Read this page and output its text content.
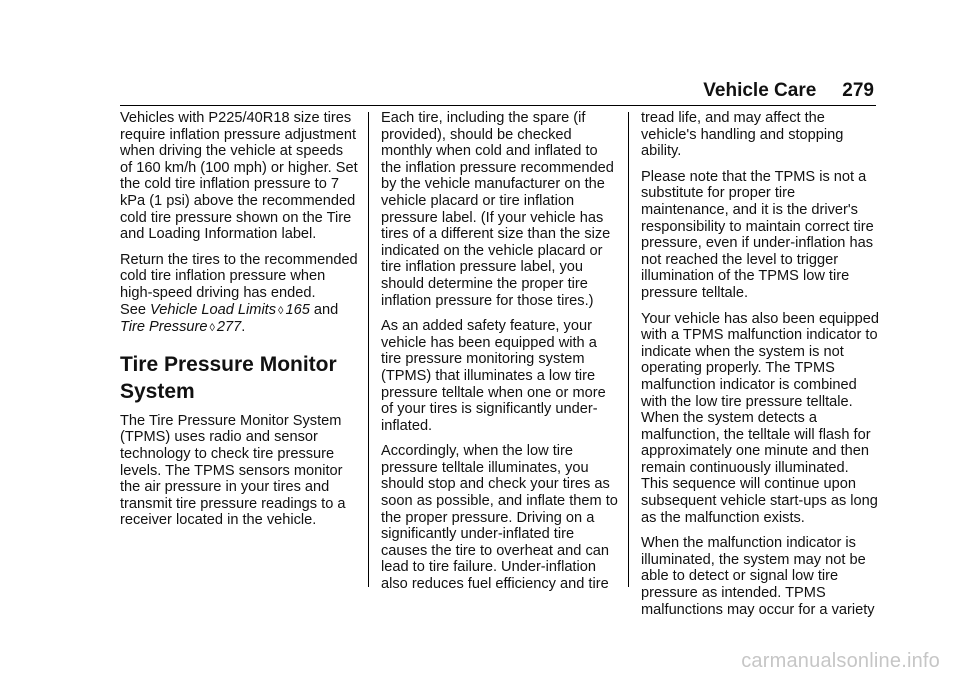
Vehicle Care 279

Vehicles with P225/40R18 size tires require inflation pressure adjustment when driving the vehicle at speeds of 160 km/h (100 mph) or higher. Set the cold tire inflation pressure to 7 kPa (1 psi) above the recommended cold tire pressure shown on the Tire and Loading Information label.

Return the tires to the recommended cold tire inflation pressure when high-speed driving has ended.
See Vehicle Load Limits ◊ 165 and
Tire Pressure ◊ 277.

Tire Pressure Monitor System

The Tire Pressure Monitor System (TPMS) uses radio and sensor technology to check tire pressure levels. The TPMS sensors monitor the air pressure in your tires and transmit tire pressure readings to a receiver located in the vehicle.

Each tire, including the spare (if provided), should be checked monthly when cold and inflated to the inflation pressure recommended by the vehicle manufacturer on the vehicle placard or tire inflation pressure label. (If your vehicle has tires of a different size than the size indicated on the vehicle placard or tire inflation pressure label, you should determine the proper tire inflation pressure for those tires.)

As an added safety feature, your vehicle has been equipped with a tire pressure monitoring system (TPMS) that illuminates a low tire pressure telltale when one or more of your tires is significantly under-inflated.

Accordingly, when the low tire pressure telltale illuminates, you should stop and check your tires as soon as possible, and inflate them to the proper pressure. Driving on a significantly under-inflated tire causes the tire to overheat and can lead to tire failure. Under-inflation also reduces fuel efficiency and tire

tread life, and may affect the vehicle's handling and stopping ability.

Please note that the TPMS is not a substitute for proper tire maintenance, and it is the driver's responsibility to maintain correct tire pressure, even if under-inflation has not reached the level to trigger illumination of the TPMS low tire pressure telltale.

Your vehicle has also been equipped with a TPMS malfunction indicator to indicate when the system is not operating properly. The TPMS malfunction indicator is combined with the low tire pressure telltale. When the system detects a malfunction, the telltale will flash for approximately one minute and then remain continuously illuminated. This sequence will continue upon subsequent vehicle start-ups as long as the malfunction exists.

When the malfunction indicator is illuminated, the system may not be able to detect or signal low tire pressure as intended. TPMS malfunctions may occur for a variety

carmanualsonline.info
